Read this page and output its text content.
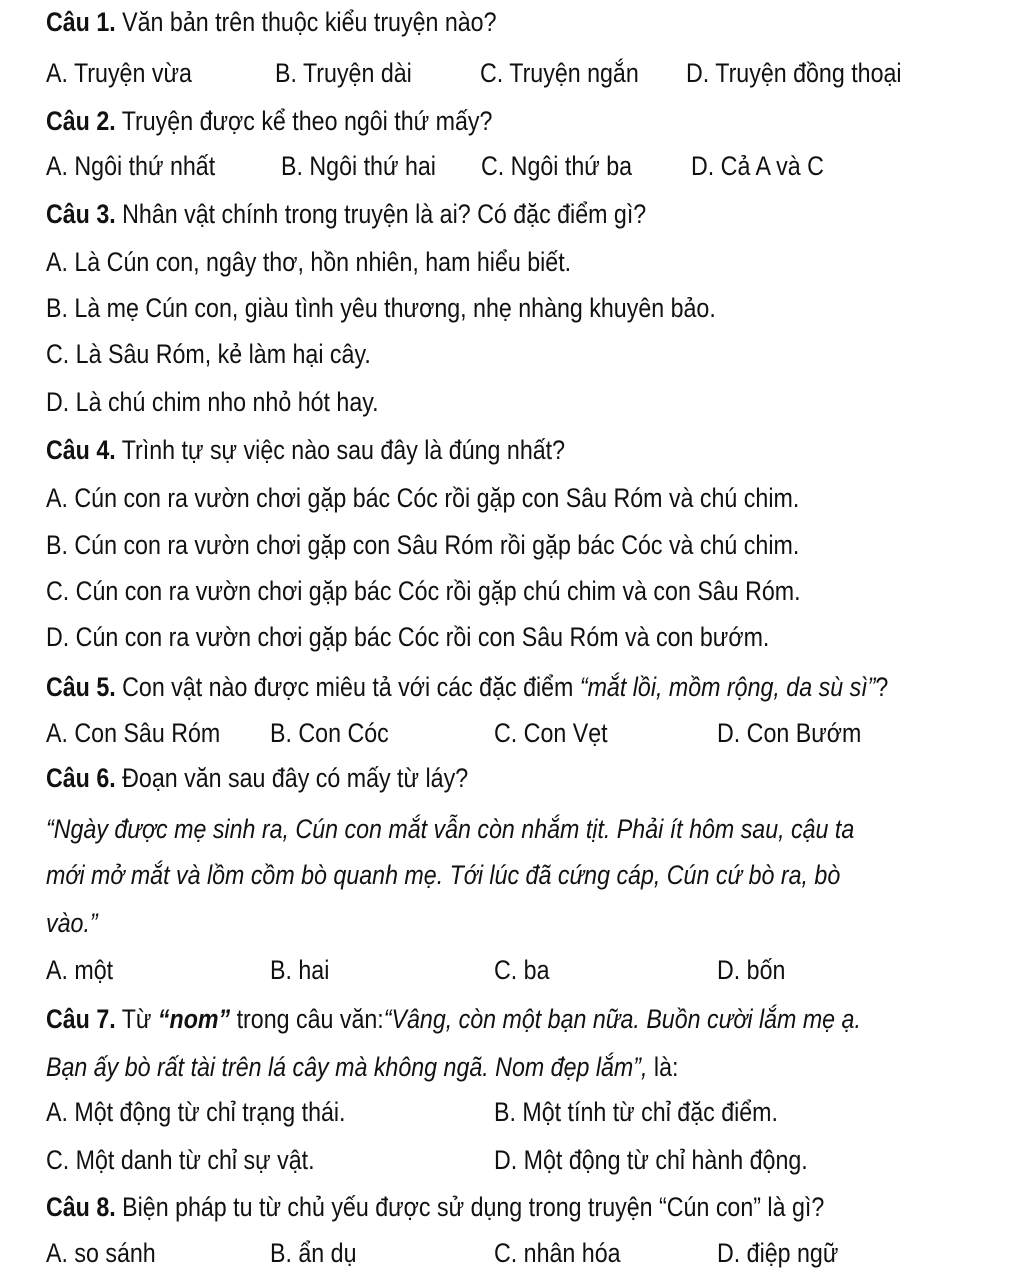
Câu 1. Văn bản trên thuộc kiểu truyện nào?
A. Truyện vừa	B. Truyện dài	C. Truyện ngắn D. Truyện đồng thoại
Câu 2. Truyện được kể theo ngôi thứ mấy?
A. Ngôi thứ nhất B. Ngôi thứ hai C. Ngôi thứ ba D. Cả A và C
Câu 3. Nhân vật chính trong truyện là ai? Có đặc điểm gì?
A. Là Cún con, ngây thơ, hồn nhiên, ham hiểu biết.
B. Là mẹ Cún con, giàu tình yêu thương, nhẹ nhàng khuyên bảo.
C. Là Sâu Róm, kẻ làm hại cây.
D. Là chú chim nho nhỏ hót hay.
Câu 4. Trình tự sự việc nào sau đây là đúng nhất?
A. Cún con ra vườn chơi gặp bác Cóc rồi gặp con Sâu Róm và chú chim.
B. Cún con ra vườn chơi gặp con Sâu Róm rồi gặp bác Cóc và chú chim.
C. Cún con ra vườn chơi gặp bác Cóc rồi gặp chú chim và con Sâu Róm.
D. Cún con ra vườn chơi gặp bác Cóc rồi con Sâu Róm và con bướm.
Câu 5. Con vật nào được miêu tả với các đặc điểm “mắt lồi, mồm rộng, da sù sì”?
A. Con Sâu Róm B. Con Cóc	C. Con Vẹt	D. Con Bướm
Câu 6. Đoạn văn sau đây có mấy từ láy?
“Ngày được mẹ sinh ra, Cún con mắt vẫn còn nhắm tịt. Phải ít hôm sau, cậu ta
mới mở mắt và lồm cồm bò quanh mẹ. Tới lúc đã cứng cáp, Cún cứ bò ra, bò
vào.”
A. một	B. hai	C. ba	D. bốn
Câu 7. Từ “nom” trong câu văn:“Vâng, còn một bạn nữa. Buồn cười lắm mẹ ạ.
Bạn ấy bò rất tài trên lá cây mà không ngã. Nom đẹp lắm”, là:
A. Một động từ chỉ trạng thái.	B. Một tính từ chỉ đặc điểm.
C. Một danh từ chỉ sự vật.	D. Một động từ chỉ hành động.
Câu 8. Biện pháp tu từ chủ yếu được sử dụng trong truyện “Cún con” là gì?
A. so sánh	B. ẩn dụ	C. nhân hóa	D. điệp ngữ
